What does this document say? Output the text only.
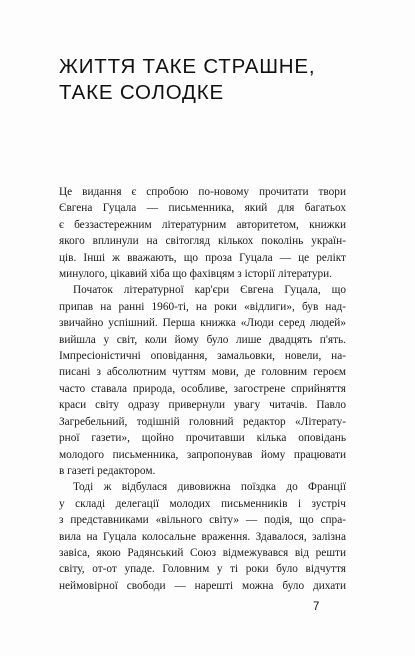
ЖИТТЯ ТАКЕ СТРАШНЕ,
ТАКЕ СОЛОДКЕ
Це видання є спробою по-новому прочитати твори
Євгена Гуцала — письменника, який для багатьох
є беззастережним літературним авторитетом, книжки
якого вплинули на світогляд кількох поколінь україн-
ців. Інші ж вважають, що проза Гуцала — це релікт
минулого, цікавий хіба що фахівцям з історії літератури.
Початок літературної кар'єри Євгена Гуцала, що
припав на ранні 1960-ті, на роки «відлиги», був над-
звичайно успішний. Перша книжка «Люди серед людей»
вийшла у світ, коли йому було лише двадцять п'ять.
Імпресіоністичні оповідання, замальовки, новели, на-
писані з абсолютним чуттям мови, де головним героєм
часто ставала природа, особливе, загострене сприйняття
краси світу одразу привернули увагу читачів. Павло
Загребельний, тодішній головний редактор «Літерату-
рної газети», щойно прочитавши кілька оповідань
молодого письменника, запропонував йому працювати
в газеті редактором.
Тоді ж відбулася дивовижна поїздка до Франції
у складі делегації молодих письменників і зустріч
з представниками «вільного світу» — подія, що спра-
вила на Гуцала колосальне враження. Здавалося, залізна
завіса, якою Радянський Союз відмежувався від решти
світу, от-от упаде. Головним у ті роки було відчуття
неймовірної свободи — нарешті можна було дихати
7
